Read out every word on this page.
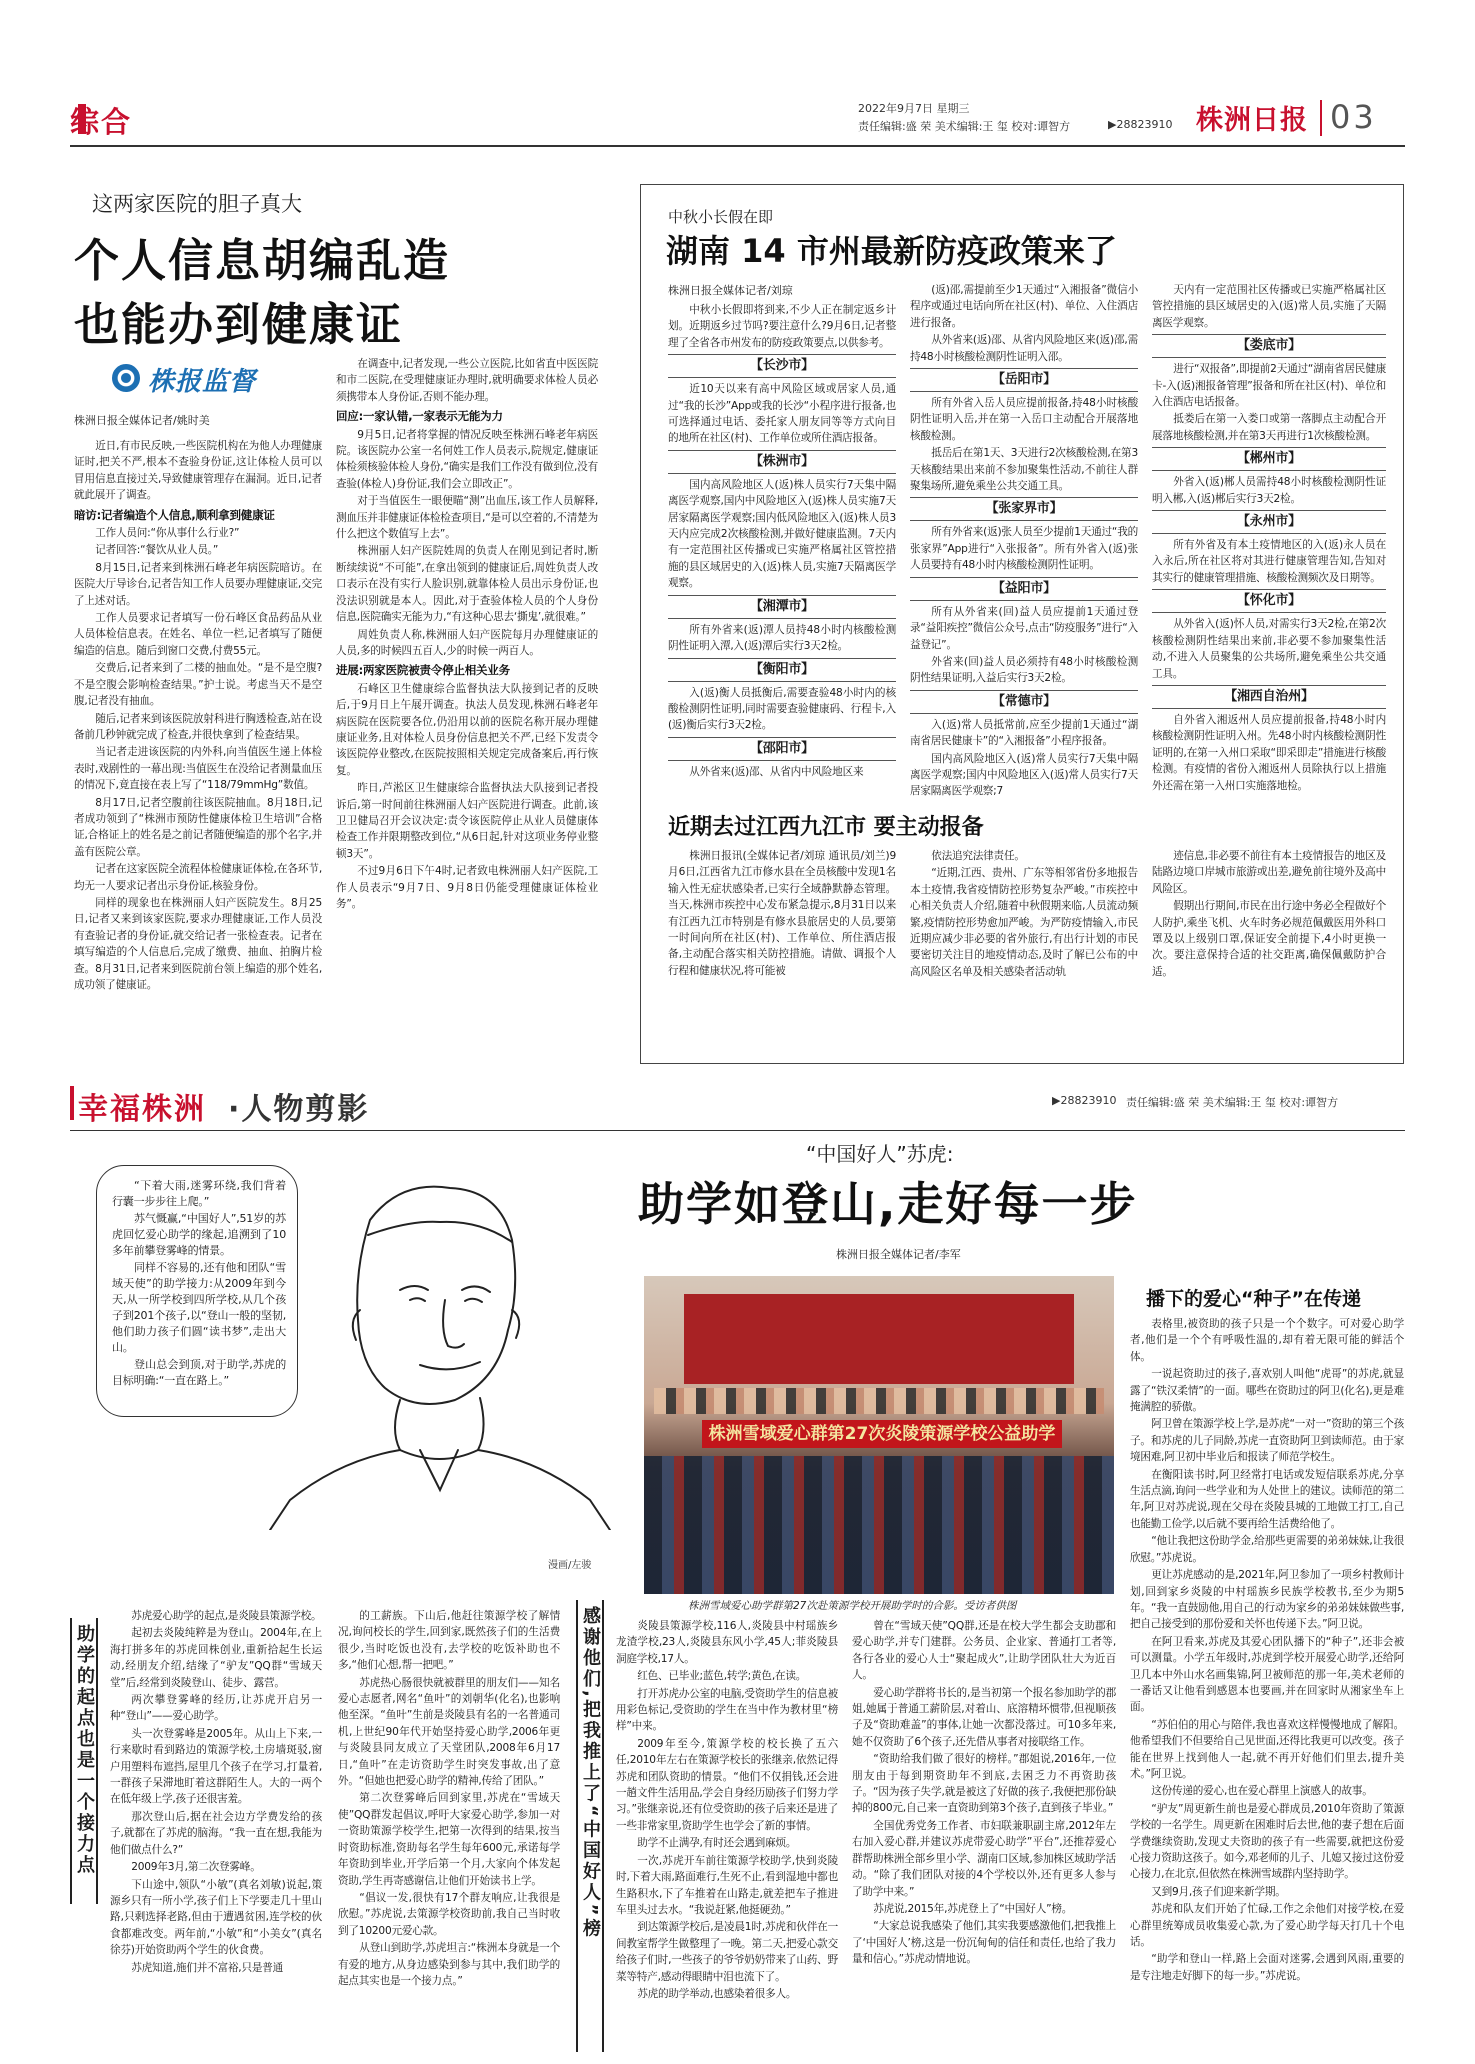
综合	2022年9月7日 星期三
责任编辑:盛 荣 美术编辑:王 玺 校对:谭智方	▶28823910 株洲日报 03
这两家医院的胆子真大
个人信息胡编乱造
也能办到健康证
株报监督
株洲日报全媒体记者/姚时美

近日,有市民反映,一些医院机构在为他人办理健康证时,把关不严,根本不查验身份证,这让体检人员可以冒用信息直接过关,导致健康管理存在漏洞。近日,记者就此展开了调查。

暗访:记者编造个人信息,顺利拿到健康证

工作人员问:“你从事什么行业?”

记者回答:“餐饮从业人员。”

8月15日,记者来到株洲石峰老年病医院暗访。在医院大厅导诊台,记者告知工作人员要办理健康证,交完了上述对话。

工作人员要求记者填写一份石峰区食品药品从业人员体检信息表。在姓名、单位一栏,记者填写了随便编造的信息。随后到窗口交费,付费55元。

交费后,记者来到了二楼的抽血处。“是不是空腹?不是空腹会影响检查结果。”护士说。考虑当天不是空腹,记者没有抽血。

随后,记者来到该医院放射科进行胸透检查,站在设备前几秒钟就完成了检查,并很快拿到了检查结果。

当记者走进该医院的内外科,向当值医生递上体检表时,戏剧性的一幕出现:当值医生在没给记者测量血压的情况下,竟直接在表上写了“118/79mmHg”数值。

8月17日,记者空腹前往该医院抽血。8月18日,记者成功领到了“株洲市预防性健康体检卫生培训”合格证,合格证上的姓名是之前记者随便编造的那个名字,并盖有医院公章。

记者在这家医院全流程体检健康证体检,在各环节,均无一人要求记者出示身份证,核验身份。

同样的现象也在株洲丽人妇产医院发生。8月25日,记者又来到该家医院,要求办理健康证,工作人员没有查验记者的身份证,就交给记者一张检查表。记者在填写编造的个人信息后,完成了缴费、抽血、拍胸片检查。8月31日,记者来到医院前台领上编造的那个姓名,成功领了健康证。

在调查中,记者发现,一些公立医院,比如省直中医医院和市二医院,在受理健康证办理时,就明确要求体检人员必须携带本人身份证,否则不能办理。

回应:一家认错,一家表示无能为力

9月5日,记者将掌握的情况反映至株洲石峰老年病医院。该医院办公室一名何姓工作人员表示,院规定,健康证体检须核验体检人身份,“确实是我们工作没有做到位,没有查验(体检人)身份证,我们会立即改正”。

对于当值医生一眼便瞄“测”出血压,该工作人员解释,测血压并非健康证体检检查项目,“是可以空着的,不清楚为什么把这个数值写上去”。

株洲丽人妇产医院姓周的负责人在刚见到记者时,断断续续说“不可能”,在拿出领到的健康证后,周姓负责人改口表示在没有实行人脸识别,就靠体检人员出示身份证,也没法识别就是本人。因此,对于查验体检人员的个人身份信息,医院确实无能为力,“有这种心思去‘撕鬼’,就很难。”

周姓负责人称,株洲丽人妇产医院每月办理健康证的人员,多的时候四五百人,少的时候一两百人。

进展:两家医院被责令停止相关业务

石峰区卫生健康综合监督执法大队接到记者的反映后,于9月日上午展开调查。执法人员发现,株洲石峰老年病医院在医院要各位,仍沿用以前的医院名称开展办理健康证业务,且对体检人员身份信息把关不严,已经下发责令该医院停业整改,在医院按照相关规定完成备案后,再行恢复。

昨日,芦淞区卫生健康综合监督执法大队接到记者投诉后,第一时间前往株洲丽人妇产医院进行调查。此前,该卫卫健局召开会议决定:责令该医院停止从业人员健康体检查工作并限期整改到位,“从6日起,针对这项业务停业整顿3天”。

不过9月6日下午4时,记者致电株洲丽人妇产医院,工作人员表示“9月7日、9月8日仍能受理健康证体检业务”。

中秋小长假在即
湖南 14 市州最新防疫政策来了
株洲日报全媒体记者/刘琼

中秋小长假即将到来,不少人正在制定返乡计划。近期返乡过节吗?要注意什么?9月6日,记者整理了全省各市州发布的防疫政策要点,以供参考。

【长沙市】

近10天以来有高中风险区域或居家人员,通过“我的长沙”App或我的长沙“小程序进行报备,也可选择通过电话、委托家人朋友同等等方式向目的地所在社区(村)、工作单位或所住酒店报备。

【株洲市】

国内高风险地区人(返)株人员实行7天集中隔离医学观察,国内中风险地区入(返)株人员实施7天居家隔离医学观察;国内低风险地区入(返)株人员3天内应完成2次核酸检测,并做好健康监测。7天内有一定范围社区传播或已实施严格属社区管控措施的县区域居史的入(返)株人员,实施7天隔离医学观察。

【湘潭市】

所有外省来(返)潭人员持48小时内核酸检测阴性证明入潭,入(返)潭后实行3天2检。

【衡阳市】

入(返)衡人员抵衡后,需要查验48小时内的核酸检测阴性证明,同时需要查验健康码、行程卡,入(返)衡后实行3天2检。

【邵阳市】

从外省来(返)邵、从省内中风险地区来

(返)邵,需提前至少1天通过“入湘报备”微信小程序或通过电话向所在社区(村)、单位、入住酒店进行报备。

从外省来(返)邵、从省内风险地区来(返)邵,需持48小时核酸检测阴性证明入邵。

【岳阳市】

所有外省入岳人员应提前报备,持48小时核酸阴性证明入岳,并在第一入岳口主动配合开展落地核酸检测。

抵岳后在第1天、3天进行2次核酸检测,在第3天核酸结果出来前不参加聚集性活动,不前往人群聚集场所,避免乘坐公共交通工具。

【张家界市】

所有外省来(返)张人员至少提前1天通过“我的张家界”App进行“入张报备”。所有外省入(返)张人员要持有48小时内核酸检测阴性证明。

【益阳市】

所有从外省来(回)益人员应提前1天通过登录“益阳疾控”微信公众号,点击“防疫服务”进行“入益登记”。

外省来(回)益人员必须持有48小时核酸检测阴性结果证明,入益后实行3天2检。

【常德市】

入(返)常人员抵常前,应至少提前1天通过“湖南省居民健康卡”的“入湘报备”小程序报备。

国内高风险地区入(返)常人员实行7天集中隔离医学观察;国内中风险地区入(返)常人员实行7天居家隔离医学观察;7

天内有一定范围社区传播或已实施严格属社区管控措施的县区域居史的入(返)常人员,实施了天隔离医学观察。

【娄底市】

进行“双报备”,即提前2天通过“湖南省居民健康卡-入(返)湘报备管理”报备和所在社区(村)、单位和入住酒店电话报备。

抵娄后在第一入娄口或第一落脚点主动配合开展落地核酸检测,并在第3天再进行1次核酸检测。

【郴州市】

外省入(返)郴人员需持48小时核酸检测阴性证明入郴,入(返)郴后实行3天2检。

【永州市】

所有外省及有本土疫情地区的入(返)永人员在入永后,所在社区将对其进行健康管理告知,告知对其实行的健康管理措施、核酸检测频次及日期等。

【怀化市】

从外省入(返)怀人员,对需实行3天2检,在第2次核酸检测阴性结果出来前,非必要不参加聚集性活动,不进入人员聚集的公共场所,避免乘坐公共交通工具。

【湘西自治州】

自外省入湘返州人员应提前报备,持48小时内核酸检测阴性证明入州。先48小时内核酸检测阴性证明的,在第一入州口采取“即采即走”措施进行核酸检测。有疫情的省份入湘返州人员除执行以上措施外还需在第一入州口实施落地检。

近期去过江西九江市 要主动报备

株洲日报讯(全媒体记者/刘琼 通讯员/刘兰)9月6日,江西省九江市修水县在全员核酸中发现1名输入性无症状感染者,已实行全域静默静态管理。当天,株洲市疾控中心发布紧急提示,8月31日以来有江西九江市特别是有修水县旅居史的人员,要第一时间向所在社区(村)、工作单位、所住酒店报备,主动配合落实相关防控措施。请做、调报个人行程和健康状况,将可能被

依法追究法律责任。

“近期,江西、贵州、广东等相邻省份多地报告本土疫情,我省疫情防控形势复杂严峻。”市疾控中心相关负责人介绍,随着中秋假期来临,人员流动频繁,疫情防控形势愈加严峻。为严防疫情输入,市民近期应减少非必要的省外旅行,有出行计划的市民要密切关注目的地疫情动态,及时了解已公布的中高风险区名单及相关感染者活动轨

迹信息,非必要不前往有本土疫情报告的地区及陆路边境口岸城市旅游或出差,避免前往境外及高中风险区。

假期出行期间,市民在出行途中务必全程做好个人防护,乘坐飞机、火车时务必规范佩戴医用外科口罩及以上级别口罩,保证安全前提下,4小时更换一次。要注意保持合适的社交距离,确保佩戴防护合适。

幸福株洲 ·人物剪影	▶28823910 责任编辑:盛 荣 美术编辑:王 玺 校对:谭智方

“下着大雨,迷雾环绕,我们背着行囊一步步往上爬。”

苏气慨赢,“中国好人”,51岁的苏虎回忆爱心助学的缘起,追溯到了10多年前攀登雾峰的情景。

同样不容易的,还有他和团队“雪域天使”的助学接力:从2009年到今天,从一所学校到四所学校,从几个孩子到201个孩子,以“登山一般的坚韧,他们助力孩子们圆“读书梦”,走出大山。

登山总会到顶,对于助学,苏虎的目标明确:“一直在路上。”

漫画/左骏
“中国好人”苏虎:
助学如登山,走好每一步
株洲日报全媒体记者/李军
株洲雪域爱心群第27次炎陵策源学校公益助学
株洲雪域爱心助学群第27次赴策源学校开展助学时的合影。受访者供图
播下的爱心“种子”在传递

表格里,被资助的孩子只是一个个数字。可对爱心助学者,他们是一个个有呼吸性温的,却有着无限可能的鲜活个体。

一说起资助过的孩子,喜欢别人叫他“虎哥”的苏虎,就显露了“铁汉柔情”的一面。哪些在资助过的阿卫(化名),更是难掩满腔的骄傲。

阿卫曾在策源学校上学,是苏虎“一对一”资助的第三个孩子。和苏虎的儿子同龄,苏虎一直资助阿卫到读师范。由于家境困难,阿卫初中毕业后和报读了师范学校生。

在衡阳读书时,阿卫经常打电话或发短信联系苏虎,分享生活点滴,询问一些学业和为人处世上的建议。读师范的第二年,阿卫对苏虎说,现在父母在炎陵县城的工地做工打工,自己也能勤工俭学,以后就不要再给生活费给他了。

“他让我把这份助学金,给那些更需要的弟弟妹妹,让我很欣慰。”苏虎说。

更让苏虎感动的是,2021年,阿卫参加了一项乡村教师计划,回到家乡炎陵的中村瑶族乡民族学校教书,至少为期5年。“我一直鼓励他,用自己的行动为家乡的弟弟妹妹做些事,把自己接受到的那份爱和关怀也传递下去。”阿卫说。

在阿卫看来,苏虎及其爱心团队播下的“种子”,还非会被可以测量。小学五年级时,苏虎到学校开展爱心助学,还给阿卫几本中外山水名画集锦,阿卫被师范的那一年,美术老师的一番话又让他看到感恩本也要画,并在回家时从湘家坐车上面。

“苏伯伯的用心与陪伴,我也喜欢这样慢慢地成了解阳。他希望我们不但要给自己见世面,还得比我更可以改变。孩子能在世界上找到他人一起,就不再开好他们们里去,提升美术。”阿卫说。

这份传递的爱心,也在爱心群里上演感人的故事。

“驴友”周更新生前也是爱心群成员,2010年资助了策源学校的一名学生。周更新在困难时后去世,他的妻子想在后面学费继续资助,发现丈夫资助的孩子有一些需要,就把这份爱心接力资助这孩子。如今,邓老师的儿子、儿媳又接过这份爱心接力,在北京,但依然在株洲雪域群内坚持助学。

又到9月,孩子们迎来新学期。

苏虎和队友们开始了忙碌,工作之余他们对接学校,在爱心群里统筹成员收集爱心款,为了爱心助学每天打几十个电话。

“助学和登山一样,路上会面对迷雾,会遇到风雨,重要的是专注地走好脚下的每一步。”苏虎说。

助学的起点也是一个接力点	感谢他们,把我推上了“中国好人”榜

苏虎爱心助学的起点,是炎陵县策源学校。

起初去炎陵纯粹是为登山。2004年,在上海打拼多年的苏虎回株创业,重新拾起生长运动,经朋友介绍,结缘了“驴友”QQ群“雪域天堂”后,经常到炎陵登山、徒步、露营。

两次攀登雾峰的经历,让苏虎开启另一种“登山”——爱心助学。

头一次登雾峰是2005年。从山上下来,一行来歇时看到路边的策源学校,土房墙斑驳,窗户用塑料布遮挡,屋里几个孩子在学习,打量着,一群孩子呆滞地盯着这群陌生人。大的一两个在低年级上学,孩子还很害羞。

那次登山后,据在社会边方学费发给的孩子,就都在了苏虎的脑海。“我一直在想,我能为他们做点什么?”

2009年3月,第二次登雾峰。

下山途中,领队“小敏”(真名刘敏)说起,策源乡只有一所小学,孩子们上下学要走几十里山路,只剩选择老路,但由于遭遇贫困,连学校的伙食都难改变。两年前,“小敏”和“小美女”(真名徐芬)开始资助两个学生的伙食费。

苏虎知道,施们并不富裕,只是普通

的工薪族。下山后,他赶往策源学校了解情况,询问校长的学生,回到家,既然孩子们的生活费很少,当时吃饭也没有,去学校的吃饭补助也不多,“他们心想,帮一把吧。”

苏虎热心肠很快就被群里的朋友们——知名爱心志愿者,网名“鱼叶”的刘朝华(化名),也影响他至深。“鱼叶”生前是炎陵县有名的一名普通司机,上世纪90年代开始坚持爱心助学,2006年更与炎陵县同友成立了天堂团队,2008年6月17日,“鱼叶”在走访资助学生时突发事故,出了意外。“但她也把爱心助学的精神,传给了团队。”

第二次登雾峰后回到家里,苏虎在“雪域天使”QQ群发起倡议,呼吁大家爱心助学,参加一对一资助策源学校学生,把第一次得到的结果,按当时资助标准,资助每名学生每年600元,承诺每学年资助到毕业,开学后第一个月,大家向个体发起资助,学生再寄感谢信,让他们开始读书上学。

“倡议一发,很快有17个群友响应,让我很是欣慰。”苏虎说,去策源学校资助前,我自己当时收到了10200元爱心款。

从登山到助学,苏虎坦言:“株洲本身就是一个有爱的地方,从身边感染到参与其中,我们助学的起点其实也是一个接力点。”

炎陵县策源学校,116人,炎陵县中村瑶族乡龙渣学校,23人,炎陵县东风小学,45人;菲炎陵县洞庭学校,17人。

红色、已毕业;蓝色,转学;黄色,在读。

打开苏虎办公室的电脑,受资助学生的信息被用彩色标记,受资助的学生在当中作为教材里“榜样”中来。

2009年至今,策源学校的校长换了五六任,2010年左右在策源学校长的张继亲,依然记得苏虎和团队资助的情景。“他们不仅捐钱,还会进一趟文件生活用品,学会自身经历励孩子们努力学习。”张继亲说,还有位受资助的孩子后来还是进了一些非常家里,资助学生也学会了新的事情。

助学不止满孕,有时还会遇到麻烦。

一次,苏虎开车前往策源学校助学,快到炎陵时,下着大雨,路面难行,生死不止,看到湿地中都也生路积水,下了车推着在山路走,就差把车子推进车里头过去水。“我说赶紧,他挺硬劲。”

到达策源学校后,是凌晨1时,苏虎和伙伴在一间教室帮学生做整理了一晚。第二天,把爱心款交给孩子们时,一些孩子的爷爷奶奶带来了山药、野菜等特产,感动得眼睛中泪也流下了。

苏虎的助学举动,也感染着很多人。

曾在“雪域天使”QQ群,还是在校大学生都会支助郡和爱心助学,并专门建群。公务员、企业家、普通打工者等,各行各业的爱心人士“聚起成火”,让助学团队壮大为近百人。

爱心助学群将书长的,是当初第一个报名参加助学的郡姐,她属于普通工薪阶层,对着山、底溶精坏惯带,但视顺孩子及“资助难盖”的事体,让她一次都没落过。可10多年来,她不仅资助了6个孩子,还先借从事者对接联络工作。

“资助给我们做了很好的榜样。”郡姐说,2016年,一位朋友由于每到期资助年不到底,去困乏力不再资助孩子。“因为孩子失学,就是被这了好做的孩子,我便把那份缺掉的800元,自己来一直资助到第3个孩子,直到孩子毕业。”

全国优秀党务工作者、市妇联兼职副主席,2012年左右加入爱心群,并建议苏虎带爱心助学”平台”,还推荐爱心群帮助株洲全部乡里小学、湖南口区域,参加株区域助学活动。“除了我们团队对接的4个学校以外,还有更多人参与了助学中来。”

苏虎说,2015年,苏虎登上了“中国好人”榜。

“大家总说我感染了他们,其实我要感激他们,把我推上了‘中国好人’榜,这是一份沉甸甸的信任和责任,也给了我力量和信心。”苏虎动情地说。
